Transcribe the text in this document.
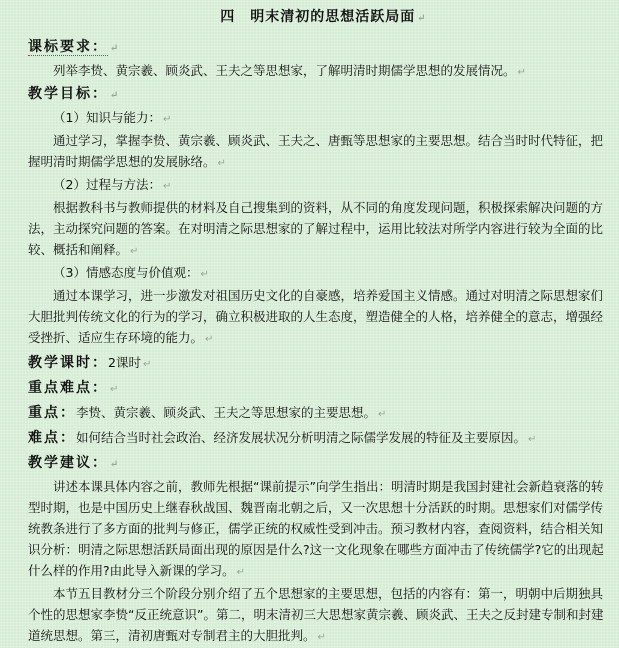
四　明末清初的思想活跃局面 ↵
课标要求： ↵

列举李贽、黄宗羲、顾炎武、王夫之等思想家，了解明清时期儒学思想的发展情况。 ↵

教学目标： ↵

（1）知识与能力： ↵

通过学习，掌握李贽、黄宗羲、顾炎武、王夫之、唐甄等思想家的主要思想。结合当时时代特征，把握明清时期儒学思想的发展脉络。 ↵

（2）过程与方法： ↵

根据教科书与教师提供的材料及自己搜集到的资料，从不同的角度发现问题，积极探索解决问题的方法，主动探究问题的答案。在对明清之际思想家的了解过程中，运用比较法对所学内容进行较为全面的比较、概括和阐释。 ↵

（3）情感态度与价值观： ↵

通过本课学习，进一步激发对祖国历史文化的自豪感，培养爱国主义情感。通过对明清之际思想家们大胆批判传统文化的行为的学习，确立积极进取的人生态度，塑造健全的人格，培养健全的意志，增强经受挫折、适应生存环境的能力。 ↵

教学课时：2课时 ↵
重点难点： ↵
重点：李贽、黄宗羲、顾炎武、王夫之等思想家的主要思想。 ↵
难点：如何结合当时社会政治、经济发展状况分析明清之际儒学发展的特征及主要原因。 ↵
教学建议： ↵

讲述本课具体内容之前，教师先根据“课前提示”向学生指出：明清时期是我国封建社会新趋衰落的转型时期，也是中国历史上继春秋战国、魏晋南北朝之后，又一次思想十分活跃的时期。思想家们对儒学传统教条进行了多方面的批判与修正，儒学正统的权威性受到冲击。预习教材内容，查阅资料，结合相关知识分析：明清之际思想活跃局面出现的原因是什么?这一文化现象在哪些方面冲击了传统儒学?它的出现起什么样的作用?由此导入新课的学习。 ↵

本节五目教材分三个阶段分别介绍了五个思想家的主要思想，包括的内容有：第一，明朝中后期独具个性的思想家李贽“反正统意识”。第二，明末清初三大思想家黄宗羲、顾炎武、王夫之反封建专制和封建道统思想。第三，清初唐甄对专制君主的大胆批判。 ↵
